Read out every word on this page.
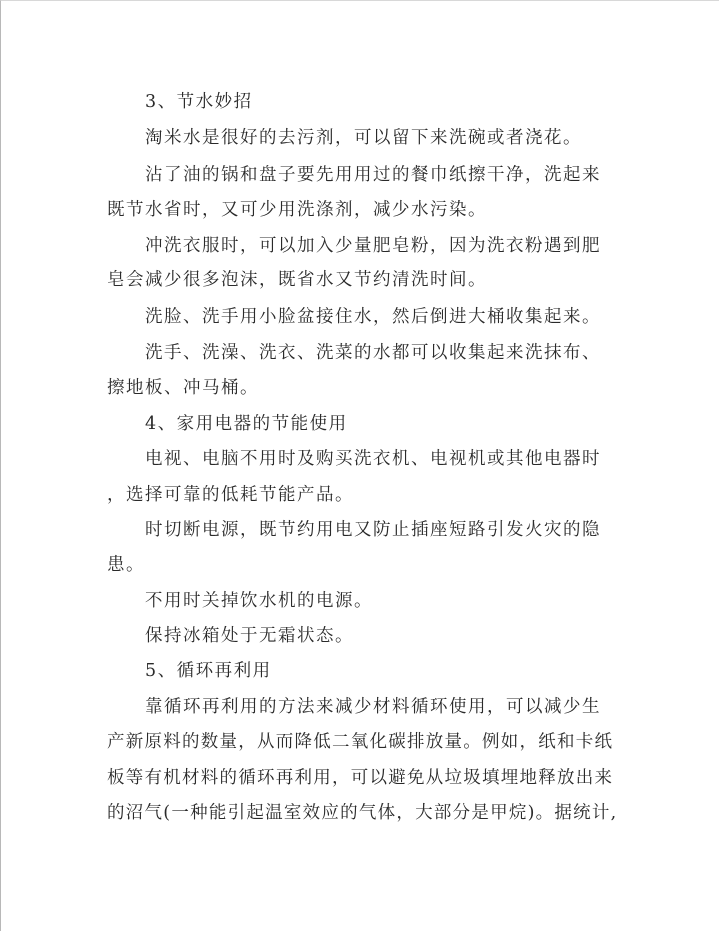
3、节水妙招
淘米水是很好的去污剂，可以留下来洗碗或者浇花。
沾了油的锅和盘子要先用用过的餐巾纸擦干净，洗起来
既节水省时，又可少用洗涤剂，减少水污染。
冲洗衣服时，可以加入少量肥皂粉，因为洗衣粉遇到肥
皂会减少很多泡沫，既省水又节约清洗时间。
洗脸、洗手用小脸盆接住水，然后倒进大桶收集起来。
洗手、洗澡、洗衣、洗菜的水都可以收集起来洗抹布、
擦地板、冲马桶。
4、家用电器的节能使用
电视、电脑不用时及购买洗衣机、电视机或其他电器时
，选择可靠的低耗节能产品。
时切断电源，既节约用电又防止插座短路引发火灾的隐
患。
不用时关掉饮水机的电源。
保持冰箱处于无霜状态。
5、循环再利用
靠循环再利用的方法来减少材料循环使用，可以减少生
产新原料的数量，从而降低二氧化碳排放量。例如，纸和卡纸
板等有机材料的循环再利用，可以避免从垃圾填埋地释放出来
的沼气(一种能引起温室效应的气体，大部分是甲烷)。据统计,
